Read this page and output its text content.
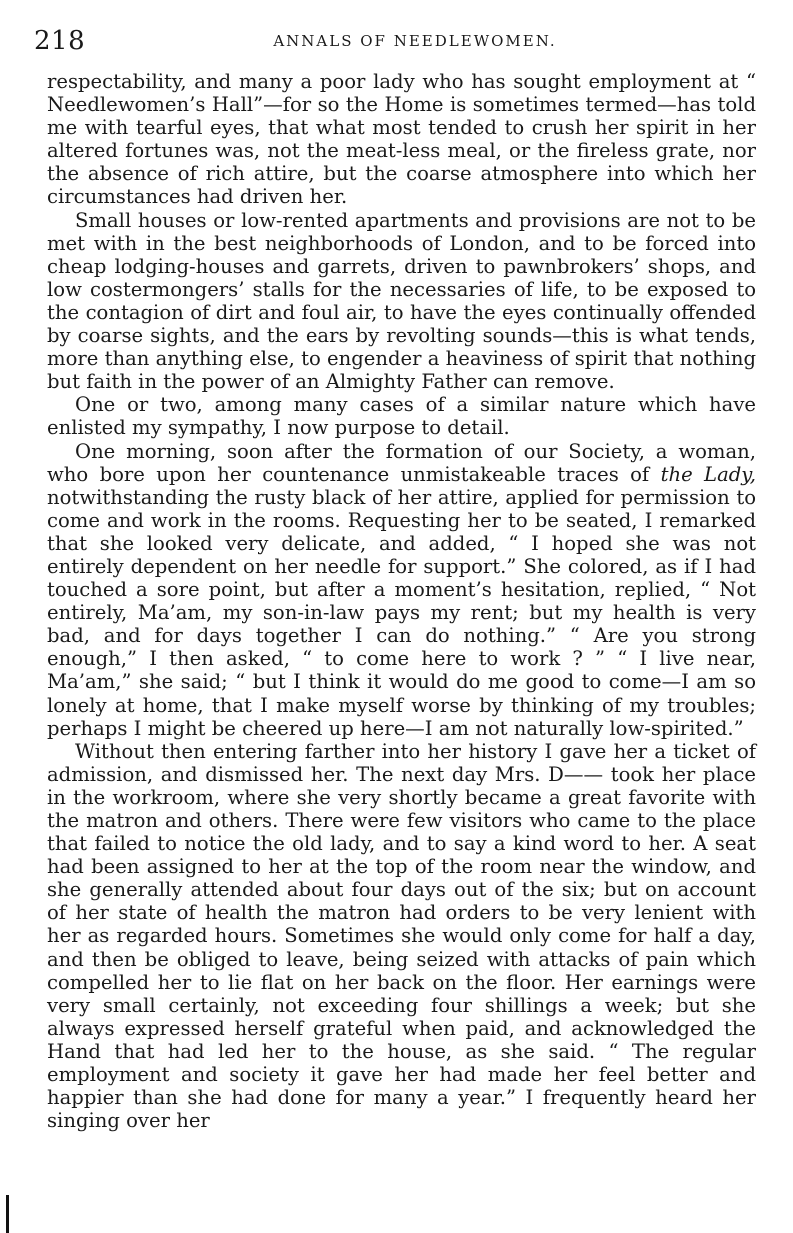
218	ANNALS OF NEEDLEWOMEN.

respectability, and many a poor lady who has sought employment at “ Needlewomen’s Hall”—for so the Home is sometimes termed—has told me with tearful eyes, that what most tended to crush her spirit in her altered fortunes was, not the meat-less meal, or the fireless grate, nor the absence of rich attire, but the coarse atmosphere into which her circumstances had driven her.

Small houses or low-rented apartments and provisions are not to be met with in the best neighborhoods of London, and to be forced into cheap lodging-houses and garrets, driven to pawnbrokers’ shops, and low costermongers’ stalls for the necessaries of life, to be exposed to the contagion of dirt and foul air, to have the eyes continually offended by coarse sights, and the ears by revolting sounds—this is what tends, more than anything else, to engender a heaviness of spirit that nothing but faith in the power of an Almighty Father can remove.

One or two, among many cases of a similar nature which have enlisted my sympathy, I now purpose to detail.

One morning, soon after the formation of our Society, a woman, who bore upon her countenance unmistakeable traces of the Lady, notwithstanding the rusty black of her attire, applied for permission to come and work in the rooms. Requesting her to be seated, I remarked that she looked very delicate, and added, “ I hoped she was not entirely dependent on her needle for support.” She colored, as if I had touched a sore point, but after a moment’s hesitation, replied, “ Not entirely, Ma’am, my son-in-law pays my rent; but my health is very bad, and for days together I can do nothing.” “ Are you strong enough,” I then asked, “ to come here to work ? ” “ I live near, Ma’am,” she said; “ but I think it would do me good to come—I am so lonely at home, that I make myself worse by thinking of my troubles; perhaps I might be cheered up here—I am not naturally low-spirited.”

Without then entering farther into her history I gave her a ticket of admission, and dismissed her. The next day Mrs. D—— took her place in the workroom, where she very shortly became a great favorite with the matron and others. There were few visitors who came to the place that failed to notice the old lady, and to say a kind word to her. A seat had been assigned to her at the top of the room near the window, and she generally attended about four days out of the six; but on account of her state of health the matron had orders to be very lenient with her as regarded hours. Sometimes she would only come for half a day, and then be obliged to leave, being seized with attacks of pain which compelled her to lie flat on her back on the floor. Her earnings were very small certainly, not exceeding four shillings a week; but she always expressed herself grateful when paid, and acknowledged the Hand that had led her to the house, as she said. “ The regular employment and society it gave her had made her feel better and happier than she had done for many a year.” I frequently heard her singing over her
